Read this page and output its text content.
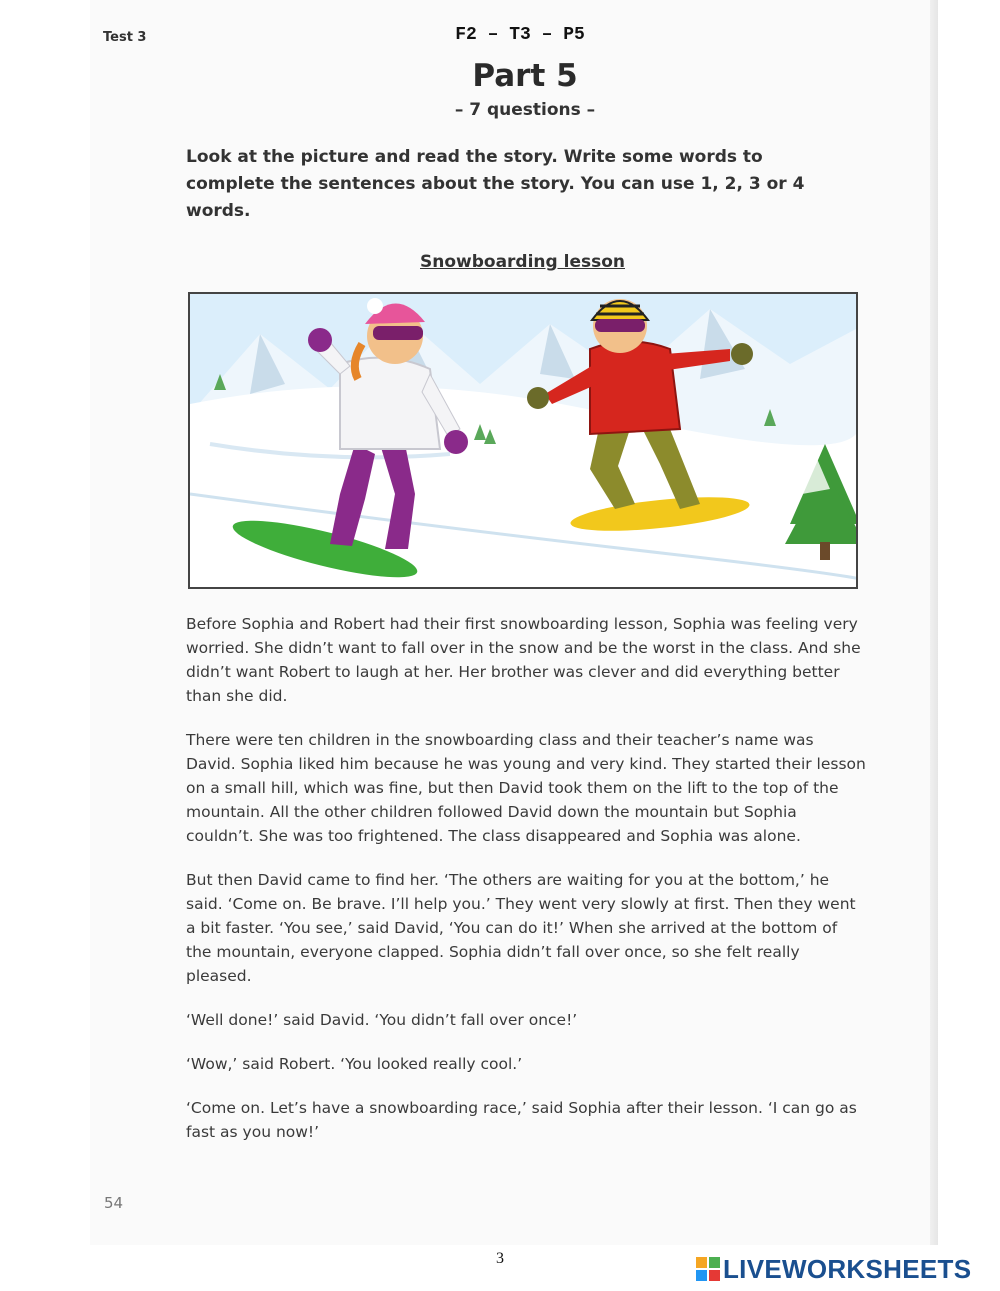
Test 3	F2 – T3 – P5
Part 5
– 7 questions –
Look at the picture and read the story. Write some words to complete the sentences about the story. You can use 1, 2, 3 or 4 words.
Snowboarding lesson

Before Sophia and Robert had their first snowboarding lesson, Sophia was feeling very worried. She didn’t want to fall over in the snow and be the worst in the class. And she didn’t want Robert to laugh at her. Her brother was clever and did everything better than she did.

There were ten children in the snowboarding class and their teacher’s name was David. Sophia liked him because he was young and very kind. They started their lesson on a small hill, which was fine, but then David took them on the lift to the top of the mountain. All the other children followed David down the mountain but Sophia couldn’t. She was too frightened. The class disappeared and Sophia was alone.

But then David came to find her. ‘The others are waiting for you at the bottom,’ he said. ‘Come on. Be brave. I’ll help you.’ They went very slowly at first. Then they went a bit faster. ‘You see,’ said David, ‘You can do it!’ When she arrived at the bottom of the mountain, everyone clapped. Sophia didn’t fall over once, so she felt really pleased.

‘Well done!’ said David. ‘You didn’t fall over once!’

‘Wow,’ said Robert. ‘You looked really cool.’

‘Come on. Let’s have a snowboarding race,’ said Sophia after their lesson. ‘I can go as fast as you now!’

54
3	LIVEWORKSHEETS
